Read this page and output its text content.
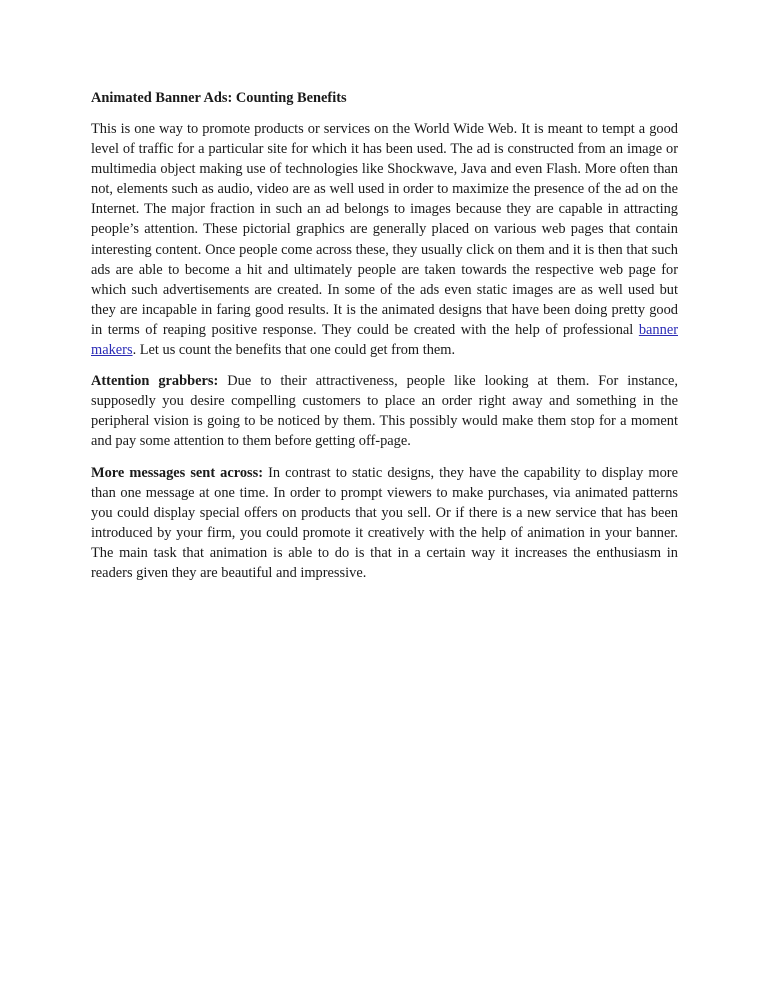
Animated Banner Ads: Counting Benefits

This is one way to promote products or services on the World Wide Web. It is meant to tempt a good level of traffic for a particular site for which it has been used. The ad is constructed from an image or multimedia object making use of technologies like Shockwave, Java and even Flash. More often than not, elements such as audio, video are as well used in order to maximize the presence of the ad on the Internet. The major fraction in such an ad belongs to images because they are capable in attracting people’s attention. These pictorial graphics are generally placed on various web pages that contain interesting content. Once people come across these, they usually click on them and it is then that such ads are able to become a hit and ultimately people are taken towards the respective web page for which such advertisements are created. In some of the ads even static images are as well used but they are incapable in faring good results. It is the animated designs that have been doing pretty good in terms of reaping positive response. They could be created with the help of professional banner makers. Let us count the benefits that one could get from them.

Attention grabbers: Due to their attractiveness, people like looking at them. For instance, supposedly you desire compelling customers to place an order right away and something in the peripheral vision is going to be noticed by them. This possibly would make them stop for a moment and pay some attention to them before getting off-page.

More messages sent across: In contrast to static designs, they have the capability to display more than one message at one time. In order to prompt viewers to make purchases, via animated patterns you could display special offers on products that you sell. Or if there is a new service that has been introduced by your firm, you could promote it creatively with the help of animation in your banner. The main task that animation is able to do is that in a certain way it increases the enthusiasm in readers given they are beautiful and impressive.
